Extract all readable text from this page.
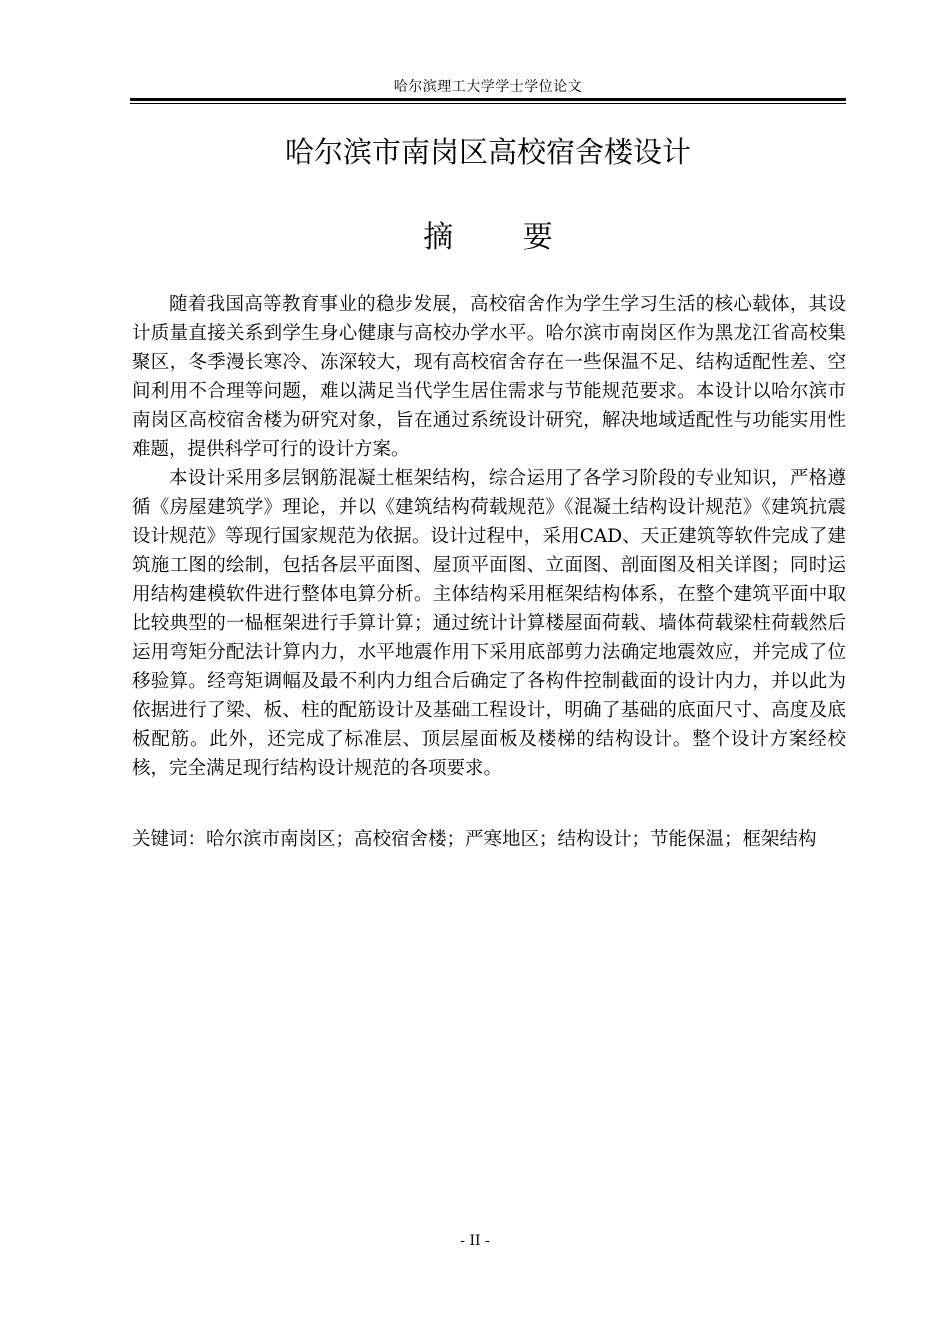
哈尔滨理工大学学士学位论文
哈尔滨市南岗区高校宿舍楼设计
摘 要

随着我国高等教育事业的稳步发展，高校宿舍作为学生学习生活的核心载体，其设计质量直接关系到学生身心健康与高校办学水平。哈尔滨市南岗区作为黑龙江省高校集聚区，冬季漫长寒冷、冻深较大，现有高校宿舍存在一些保温不足、结构适配性差、空间利用不合理等问题，难以满足当代学生居住需求与节能规范要求。本设计以哈尔滨市南岗区高校宿舍楼为研究对象，旨在通过系统设计研究，解决地域适配性与功能实用性难题，提供科学可行的设计方案。

本设计采用多层钢筋混凝土框架结构，综合运用了各学习阶段的专业知识，严格遵循《房屋建筑学》理论，并以《建筑结构荷载规范》《混凝土结构设计规范》《建筑抗震设计规范》等现行国家规范为依据。设计过程中，采用CAD、天正建筑等软件完成了建筑施工图的绘制，包括各层平面图、屋顶平面图、立面图、剖面图及相关详图；同时运用结构建模软件进行整体电算分析。主体结构采用框架结构体系，在整个建筑平面中取比较典型的一榀框架进行手算计算；通过统计计算楼屋面荷载、墙体荷载梁柱荷载然后运用弯矩分配法计算内力，水平地震作用下采用底部剪力法确定地震效应，并完成了位移验算。经弯矩调幅及最不利内力组合后确定了各构件控制截面的设计内力，并以此为依据进行了梁、板、柱的配筋设计及基础工程设计，明确了基础的底面尺寸、高度及底板配筋。此外，还完成了标准层、顶层屋面板及楼梯的结构设计。整个设计方案经校核，完全满足现行结构设计规范的各项要求。

关键词：哈尔滨市南岗区；高校宿舍楼；严寒地区；结构设计；节能保温；框架结构
- II -
